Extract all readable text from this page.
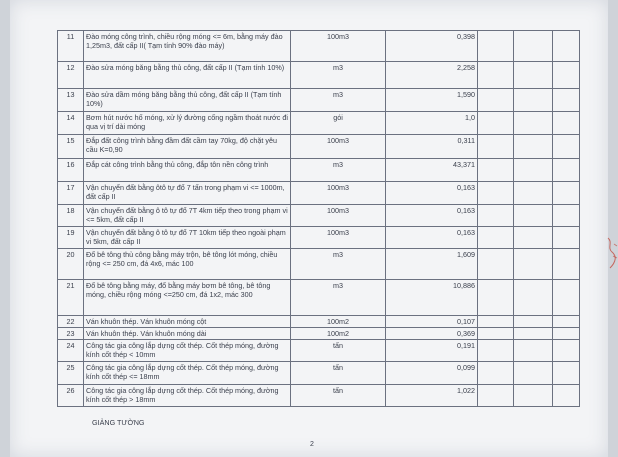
11	Đào móng công trình, chiều rộng móng <= 6m, bằng máy đào 1,25m3, đất cấp II( Tạm tính 90% đào máy)	100m3	0,398			
12	Đào sửa móng băng bằng thủ công, đất cấp II (Tạm tính 10%)	m3	2,258			
13	Đào sửa dầm móng băng bằng thủ công, đất cấp II (Tạm tính 10%)	m3	1,590			
14	Bơm hút nước hố móng, xử lý đường cống ngầm thoát nước đi qua vị trí dài móng	gói	1,0			
15	Đắp đất công trình bằng đầm đất cầm tay 70kg, độ chặt yêu cầu K=0,90	100m3	0,311			
16	Đắp cát công trình bằng thủ công, đắp tôn nền công trình	m3	43,371			
17	Vận chuyển đất bằng ôtô tự đổ 7 tấn trong phạm vi <= 1000m, đất cấp II	100m3	0,163			
18	Vận chuyển đất bằng ô tô tự đổ 7T 4km tiếp theo trong phạm vi <= 5km, đất cấp II	100m3	0,163			
19	Vận chuyển đất bằng ô tô tự đổ 7T 10km tiếp theo ngoài phạm vi 5km, đất cấp II	100m3	0,163			
20	Đổ bê tông thủ công bằng máy trộn, bê tông lót móng, chiều rộng <= 250 cm, đá 4x6, mác 100	m3	1,609			
21	Đổ bê tông bằng máy, đổ bằng máy bơm bê tông, bê tông móng, chiều rộng móng <=250 cm, đá 1x2, mác 300	m3	10,886			
22	Ván khuôn thép. Ván khuôn móng cột	100m2	0,107			
23	Ván khuôn thép. Ván khuôn móng dài	100m2	0,369			
24	Công tác gia công lắp dựng cốt thép. Cốt thép móng, đường kính cốt thép < 10mm	tấn	0,191			
25	Công tác gia công lắp dựng cốt thép. Cốt thép móng, đường kính cốt thép <= 18mm	tấn	0,099			
26	Công tác gia công lắp dựng cốt thép. Cốt thép móng, đường kính cốt thép > 18mm	tấn	1,022			
GIẢNG TƯỜNG
2
